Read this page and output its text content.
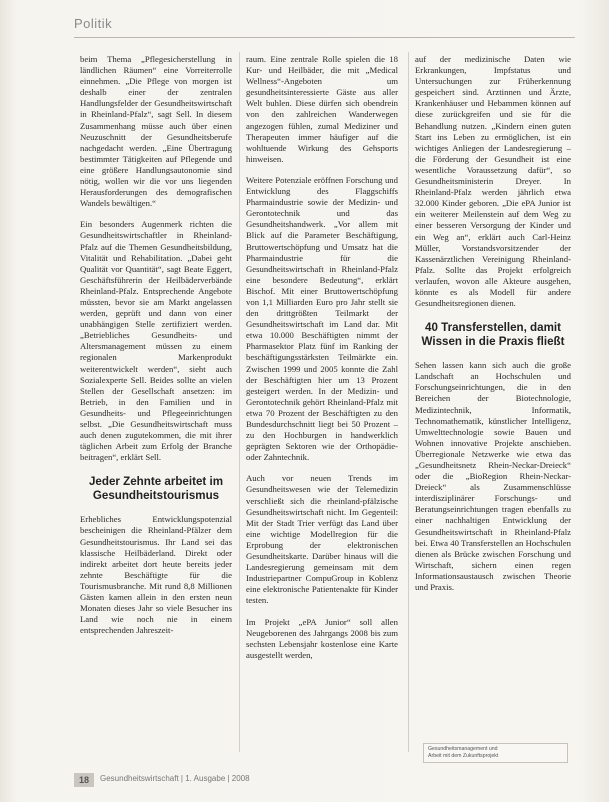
Politik

beim Thema „Pflegesicherstellung in ländlichen Räumen“ eine Vorreiterrolle einnehmen. „Die Pflege von morgen ist deshalb einer der zentralen Handlungsfelder der Gesundheitswirtschaft in Rheinland-Pfalz“, sagt Sell. In diesem Zusammenhang müsse auch über einen Neuzuschnitt der Gesundheitsberufe nachgedacht werden. „Eine Übertragung bestimmter Tätigkeiten auf Pflegende und eine größere Handlungsautonomie sind nötig, wollen wir die vor uns liegenden Herausforderungen des demografischen Wandels bewältigen.“

Ein besonders Augenmerk richten die Gesundheitswirtschaftler in Rheinland-Pfalz auf die Themen Gesundheitsbildung, Vitalität und Rehabilitation. „Dabei geht Qualität vor Quantität“, sagt Beate Eggert, Geschäftsführerin der Heilbäderverbände Rheinland-Pfalz. Entsprechende Angebote müssten, bevor sie am Markt angelassen werden, geprüft und dann von einer unabhängigen Stelle zertifiziert werden. „Betriebliches Gesundheits- und Altersmanagement müssen zu einem regionalen Markenprodukt weiterentwickelt werden“, sieht auch Sozialexperte Sell. Beides sollte an vielen Stellen der Gesellschaft ansetzen: im Betrieb, in den Familien und in Gesundheits- und Pflegeeinrichtungen selbst. „Die Gesundheitswirtschaft muss auch denen zugutekommen, die mit ihrer täglichen Arbeit zum Erfolg der Branche beitragen“, erklärt Sell.

Jeder Zehnte arbeitet im Gesundheitstourismus

Erhebliches Entwicklungspotenzial bescheinigen die Rheinland-Pfälzer dem Gesundheitstourismus. Ihr Land sei das klassische Heilbäderland. Direkt oder indirekt arbeitet dort heute bereits jeder zehnte Beschäftigte für die Tourismusbranche. Mit rund 8,8 Millionen Gästen kamen allein in den ersten neun Monaten dieses Jahr so viele Besucher ins Land wie noch nie in einem entsprechenden Jahreszeit-

raum. Eine zentrale Rolle spielen die 18 Kur- und Heilbäder, die mit „Medical Wellness“-Angeboten um gesundheitsinteressierte Gäste aus aller Welt buhlen. Diese dürfen sich obendrein von den zahlreichen Wanderwegen angezogen fühlen, zumal Mediziner und Therapeuten immer häufiger auf die wohltuende Wirkung des Gehsports hinweisen.

Weitere Potenziale eröffnen Forschung und Entwicklung des Flaggschiffs Pharmaindustrie sowie der Medizin- und Gerontotechnik und das Gesundheitshandwerk. „Vor allem mit Blick auf die Parameter Beschäftigung, Bruttowertschöpfung und Umsatz hat die Pharmaindustrie für die Gesundheitswirtschaft in Rheinland-Pfalz eine besondere Bedeutung“, erklärt Bischof. Mit einer Bruttowertschöpfung von 1,1 Milliarden Euro pro Jahr stellt sie den drittgrößten Teilmarkt der Gesundheitswirtschaft im Land dar. Mit etwa 10.000 Beschäftigten nimmt der Pharmasektor Platz fünf im Ranking der beschäftigungsstärksten Teilmärkte ein. Zwischen 1999 und 2005 konnte die Zahl der Beschäftigten hier um 13 Prozent gesteigert werden. In der Medizin- und Gerontotechnik gehört Rheinland-Pfalz mit etwa 70 Prozent der Beschäftigten zu den Bundesdurchschnitt liegt bei 50 Prozent – zu den Hochburgen in handwerklich geprägten Sektoren wie der Orthopädie- oder Zahntechnik.

Auch vor neuen Trends im Gesundheitswesen wie der Telemedizin verschließt sich die rheinland-pfälzische Gesundheitswirtschaft nicht. Im Gegenteil: Mit der Stadt Trier verfügt das Land über eine wichtige Modellregion für die Erprobung der elektronischen Gesundheitskarte. Darüber hinaus will die Landesregierung gemeinsam mit dem Industriepartner CompuGroup in Koblenz eine elektronische Patientenakte für Kinder testen.

Im Projekt „ePA Junior“ soll allen Neugeborenen des Jahrgangs 2008 bis zum sechsten Lebensjahr kostenlose eine Karte ausgestellt werden,

auf der medizinische Daten wie Erkrankungen, Impfstatus und Untersuchungen zur Früherkennung gespeichert sind. Arztinnen und Ärzte, Krankenhäuser und Hebammen können auf diese zurückgreifen und sie für die Behandlung nutzen. „Kindern einen guten Start ins Leben zu ermöglichen, ist ein wichtiges Anliegen der Landesregierung – die Förderung der Gesundheit ist eine wesentliche Voraussetzung dafür“, so Gesundheitsministerin Dreyer. In Rheinland-Pfalz werden jährlich etwa 32.000 Kinder geboren. „Die ePA Junior ist ein weiterer Meilenstein auf dem Weg zu einer besseren Versorgung der Kinder und ein Weg an“, erklärt auch Carl-Heinz Müller, Vorstandsvorsitzender der Kassenärztlichen Vereinigung Rheinland-Pfalz. Sollte das Projekt erfolgreich verlaufen, wovon alle Akteure ausgehen, könnte es als Modell für andere Gesundheitsregionen dienen.

40 Transferstellen, damit Wissen in die Praxis fließt

Sehen lassen kann sich auch die große Landschaft an Hochschulen und Forschungseinrichtungen, die in den Bereichen der Biotechnologie, Medizintechnik, Informatik, Technomathematik, künstlicher Intelligenz, Umwelttechnologie sowie Bauen und Wohnen innovative Projekte anschieben. Überregionale Netzwerke wie etwa das „Gesundheitsnetz Rhein-Neckar-Dreieck“ oder die „BioRegion Rhein-Neckar-Dreieck“ als Zusammenschlüsse interdisziplinärer Forschungs- und Beratungseinrichtungen tragen ebenfalls zu einer nachhaltigen Entwicklung der Gesundheitswirtschaft in Rheinland-Pfalz bei. Etwa 40 Transferstellen an Hochschulen dienen als Brücke zwischen Forschung und Wirtschaft, sichern einen regen Informationsaustausch zwischen Theorie und Praxis.

Gesundheitsmanagement und
Arbeit mit dem Zukunftsprojekt
18	Gesundheitswirtschaft | 1. Ausgabe | 2008
